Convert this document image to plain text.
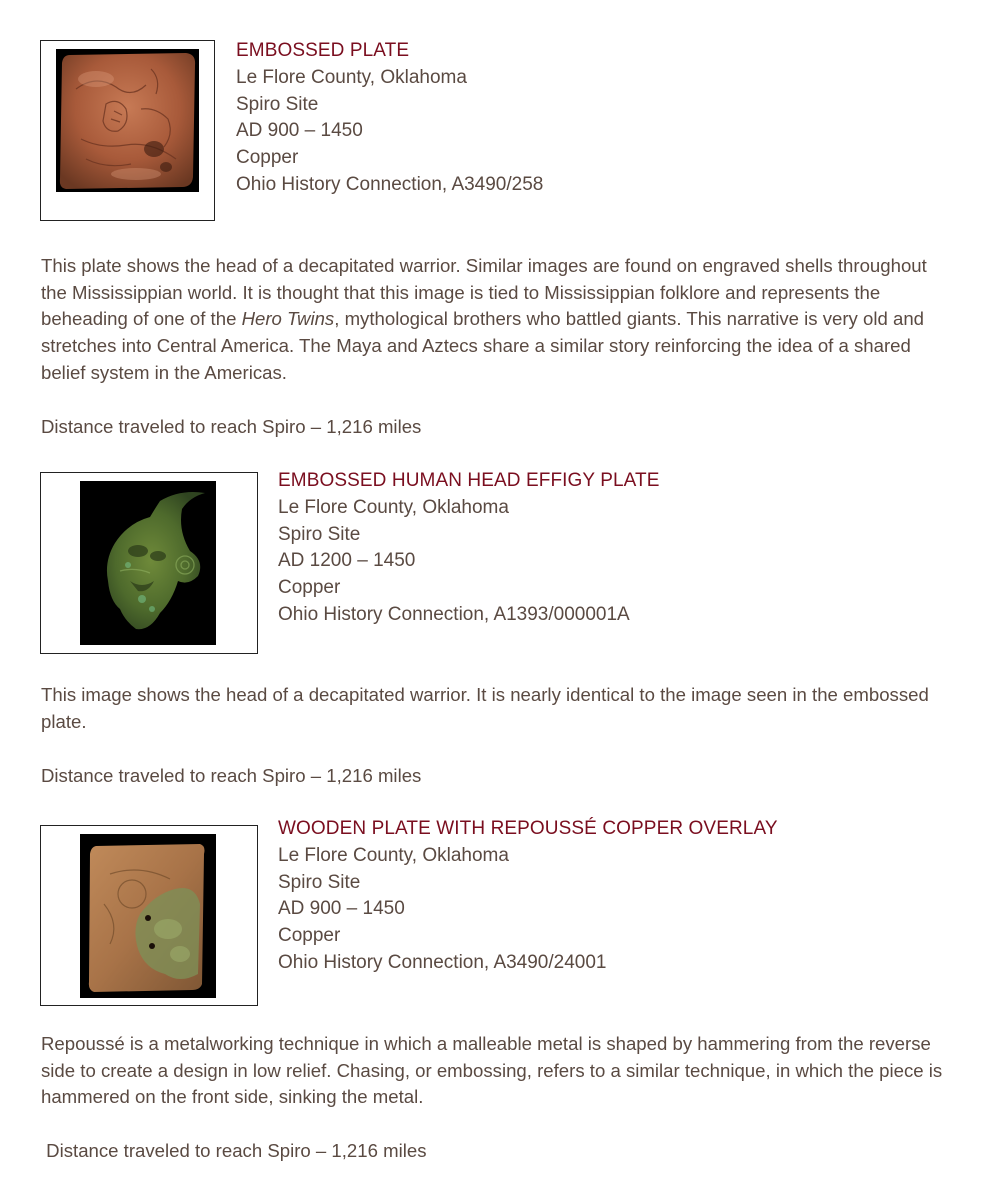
EMBOSSED PLATE
Le Flore County, Oklahoma
Spiro Site
AD 900 – 1450
Copper
Ohio History Connection, A3490/258

This plate shows the head of a decapitated warrior. Similar images are found on engraved shells throughout the Mississippian world. It is thought that this image is tied to Mississippian folklore and represents the beheading of one of the Hero Twins, mythological brothers who battled giants. This narrative is very old and stretches into Central America. The Maya and Aztecs share a similar story reinforcing the idea of a shared belief system in the Americas.

Distance traveled to reach Spiro – 1,216 miles
EMBOSSED HUMAN HEAD EFFIGY PLATE
Le Flore County, Oklahoma
Spiro Site
AD 1200 – 1450
Copper
Ohio History Connection, A1393/000001A

This image shows the head of a decapitated warrior. It is nearly identical to the image seen in the embossed plate.

Distance traveled to reach Spiro – 1,216 miles
WOODEN PLATE WITH REPOUSSÉ COPPER OVERLAY
Le Flore County, Oklahoma
Spiro Site
AD 900 – 1450
Copper
Ohio History Connection, A3490/24001

Repoussé is a metalworking technique in which a malleable metal is shaped by hammering from the reverse side to create a design in low relief. Chasing, or embossing, refers to a similar technique, in which the piece is hammered on the front side, sinking the metal.

Distance traveled to reach Spiro – 1,216 miles
